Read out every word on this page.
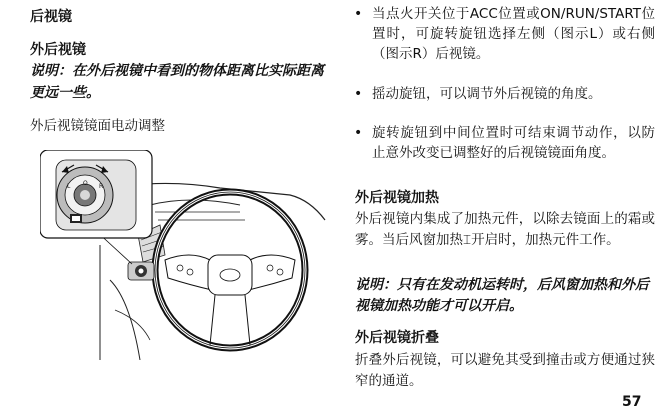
后视镜
外后视镜
说明：在外后视镜中看到的物体距离比实际距离更远一些。
外后视镜镜面电动调整
L O R
• 当点火开关位于ACC位置或ON/RUN/START位置时，可旋转旋钮选择左侧（图示L）或右侧（图示R）后视镜。
• 摇动旋钮，可以调节外后视镜的角度。
• 旋转旋钮到中间位置时可结束调节动作，以防止意外改变已调整好的后视镜镜面角度。
外后视镜加热
外后视镜内集成了加热元件，以除去镜面上的霜或雾。当后风窗加热⌶开启时，加热元件工作。
说明：只有在发动机运转时，后风窗加热和外后视镜加热功能才可以开启。
外后视镜折叠
折叠外后视镜，可以避免其受到撞击或方便通过狭窄的通道。
57
